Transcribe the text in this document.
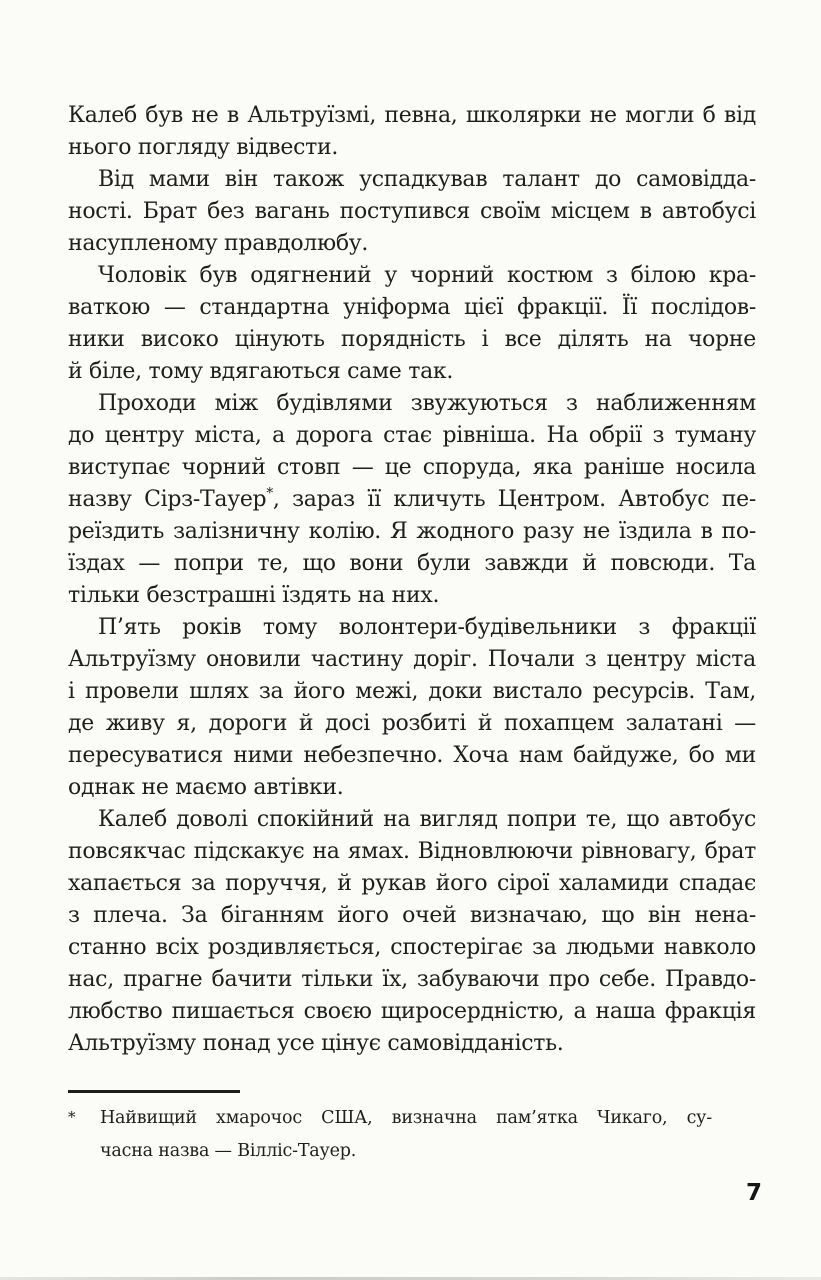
Калеб був не в Альтруїзмі, певна, школярки не могли б від
нього погляду відвести.
Від мами він також успадкував талант до самовідда-
ності. Брат без вагань поступився своїм місцем в автобусі
насупленому правдолюбу.
Чоловік був одягнений у чорний костюм з білою кра-
ваткою — стандартна уніформа цієї фракції. Її послідов-
ники високо цінують порядність і все ділять на чорне
й біле, тому вдягаються саме так.
Проходи між будівлями звужуються з наближенням
до центру міста, а дорога стає рівніша. На обрії з туману
виступає чорний стовп — це споруда, яка раніше носила
назву Сірз-Тауер*, зараз її кличуть Центром. Автобус пе-
реїздить залізничну колію. Я жодного разу не їздила в по-
їздах — попри те, що вони були завжди й повсюди. Та
тільки безстрашні їздять на них.
П’ять років тому волонтери-будівельники з фракції
Альтруїзму оновили частину доріг. Почали з центру міста
і провели шлях за його межі, доки вистало ресурсів. Там,
де живу я, дороги й досі розбиті й похапцем залатані —
пересуватися ними небезпечно. Хоча нам байдуже, бо ми
однак не маємо автівки.
Калеб доволі спокійний на вигляд попри те, що автобус
повсякчас підскакує на ямах. Відновлюючи рівновагу, брат
хапається за поруччя, й рукав його сірої халамиди спадає
з плеча. За біганням його очей визначаю, що він нена-
станно всіх роздивляється, спостерігає за людьми навколо
нас, прагне бачити тільки їх, забуваючи про себе. Правдо-
любство пишається своєю щиросердністю, а наша фракція
Альтруїзму понад усе цінує самовідданість.
*	Найвищий хмарочос США, визначна пам’ятка Чикаго, су-
часна назва — Вілліс-Тауер.
7
